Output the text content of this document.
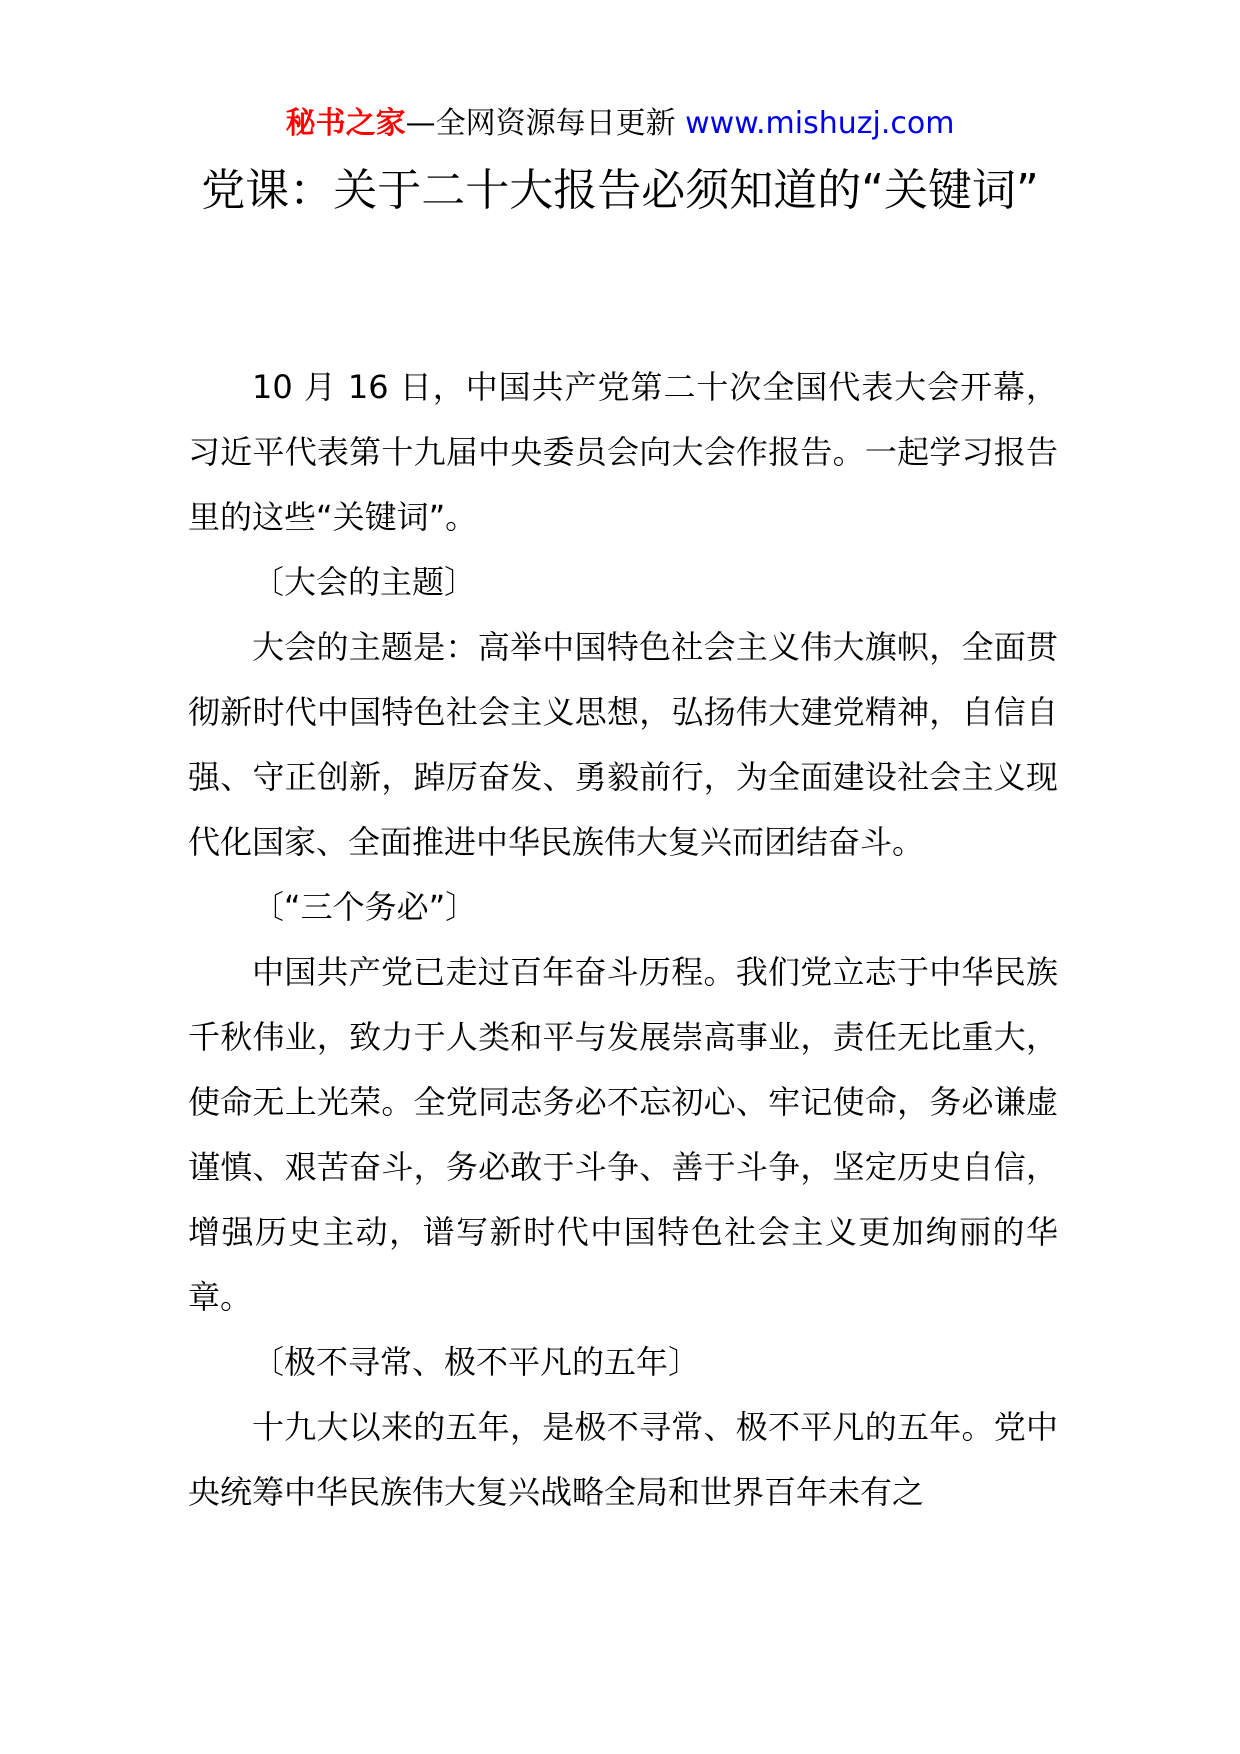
秘书之家—全网资源每日更新 www.mishuzj.com
党课：关于二十大报告必须知道的“关键词”

10 月 16 日，中国共产党第二十次全国代表大会开幕，习近平代表第十九届中央委员会向大会作报告。一起学习报告里的这些“关键词”。

〔大会的主题〕

大会的主题是：高举中国特色社会主义伟大旗帜，全面贯彻新时代中国特色社会主义思想，弘扬伟大建党精神，自信自强、守正创新，踔厉奋发、勇毅前行，为全面建设社会主义现代化国家、全面推进中华民族伟大复兴而团结奋斗。

〔“三个务必”〕

中国共产党已走过百年奋斗历程。我们党立志于中华民族千秋伟业，致力于人类和平与发展崇高事业，责任无比重大，使命无上光荣。全党同志务必不忘初心、牢记使命，务必谦虚谨慎、艰苦奋斗，务必敢于斗争、善于斗争，坚定历史自信，增强历史主动，谱写新时代中国特色社会主义更加绚丽的华章。

〔极不寻常、极不平凡的五年〕

十九大以来的五年，是极不寻常、极不平凡的五年。党中央统筹中华民族伟大复兴战略全局和世界百年未有之
